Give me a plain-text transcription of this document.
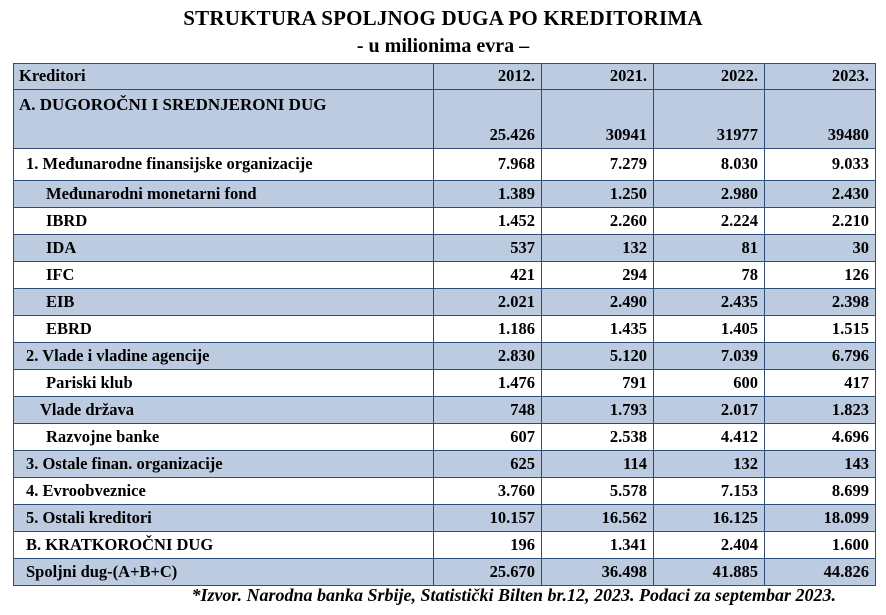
STRUKTURA SPOLJNOG DUGA PO KREDITORIMA
- u milionima evra –
Kreditori	2012.	2021.	2022.	2023.
A. DUGOROČNI I SREDNJERONI DUG	25.426	30941	31977	39480
1. Međunarodne finansijske organizacije	7.968	7.279	8.030	9.033
Međunarodni monetarni fond	1.389	1.250	2.980	2.430
IBRD	1.452	2.260	2.224	2.210
IDA	537	132	81	30
IFC	421	294	78	126
EIB	2.021	2.490	2.435	2.398
EBRD	1.186	1.435	1.405	1.515
2. Vlade i vladine agencije	2.830	5.120	7.039	6.796
Pariski klub	1.476	791	600	417
Vlade država	748	1.793	2.017	1.823
Razvojne banke	607	2.538	4.412	4.696
3. Ostale finan. organizacije	625	114	132	143
4. Evroobveznice	3.760	5.578	7.153	8.699
5. Ostali kreditori	10.157	16.562	16.125	18.099
B. KRATKOROČNI DUG	196	1.341	2.404	1.600
Spoljni dug-(A+B+C)	25.670	36.498	41.885	44.826
*Izvor. Narodna banka Srbije, Statistički Bilten br.12, 2023. Podaci za septembar 2023.
